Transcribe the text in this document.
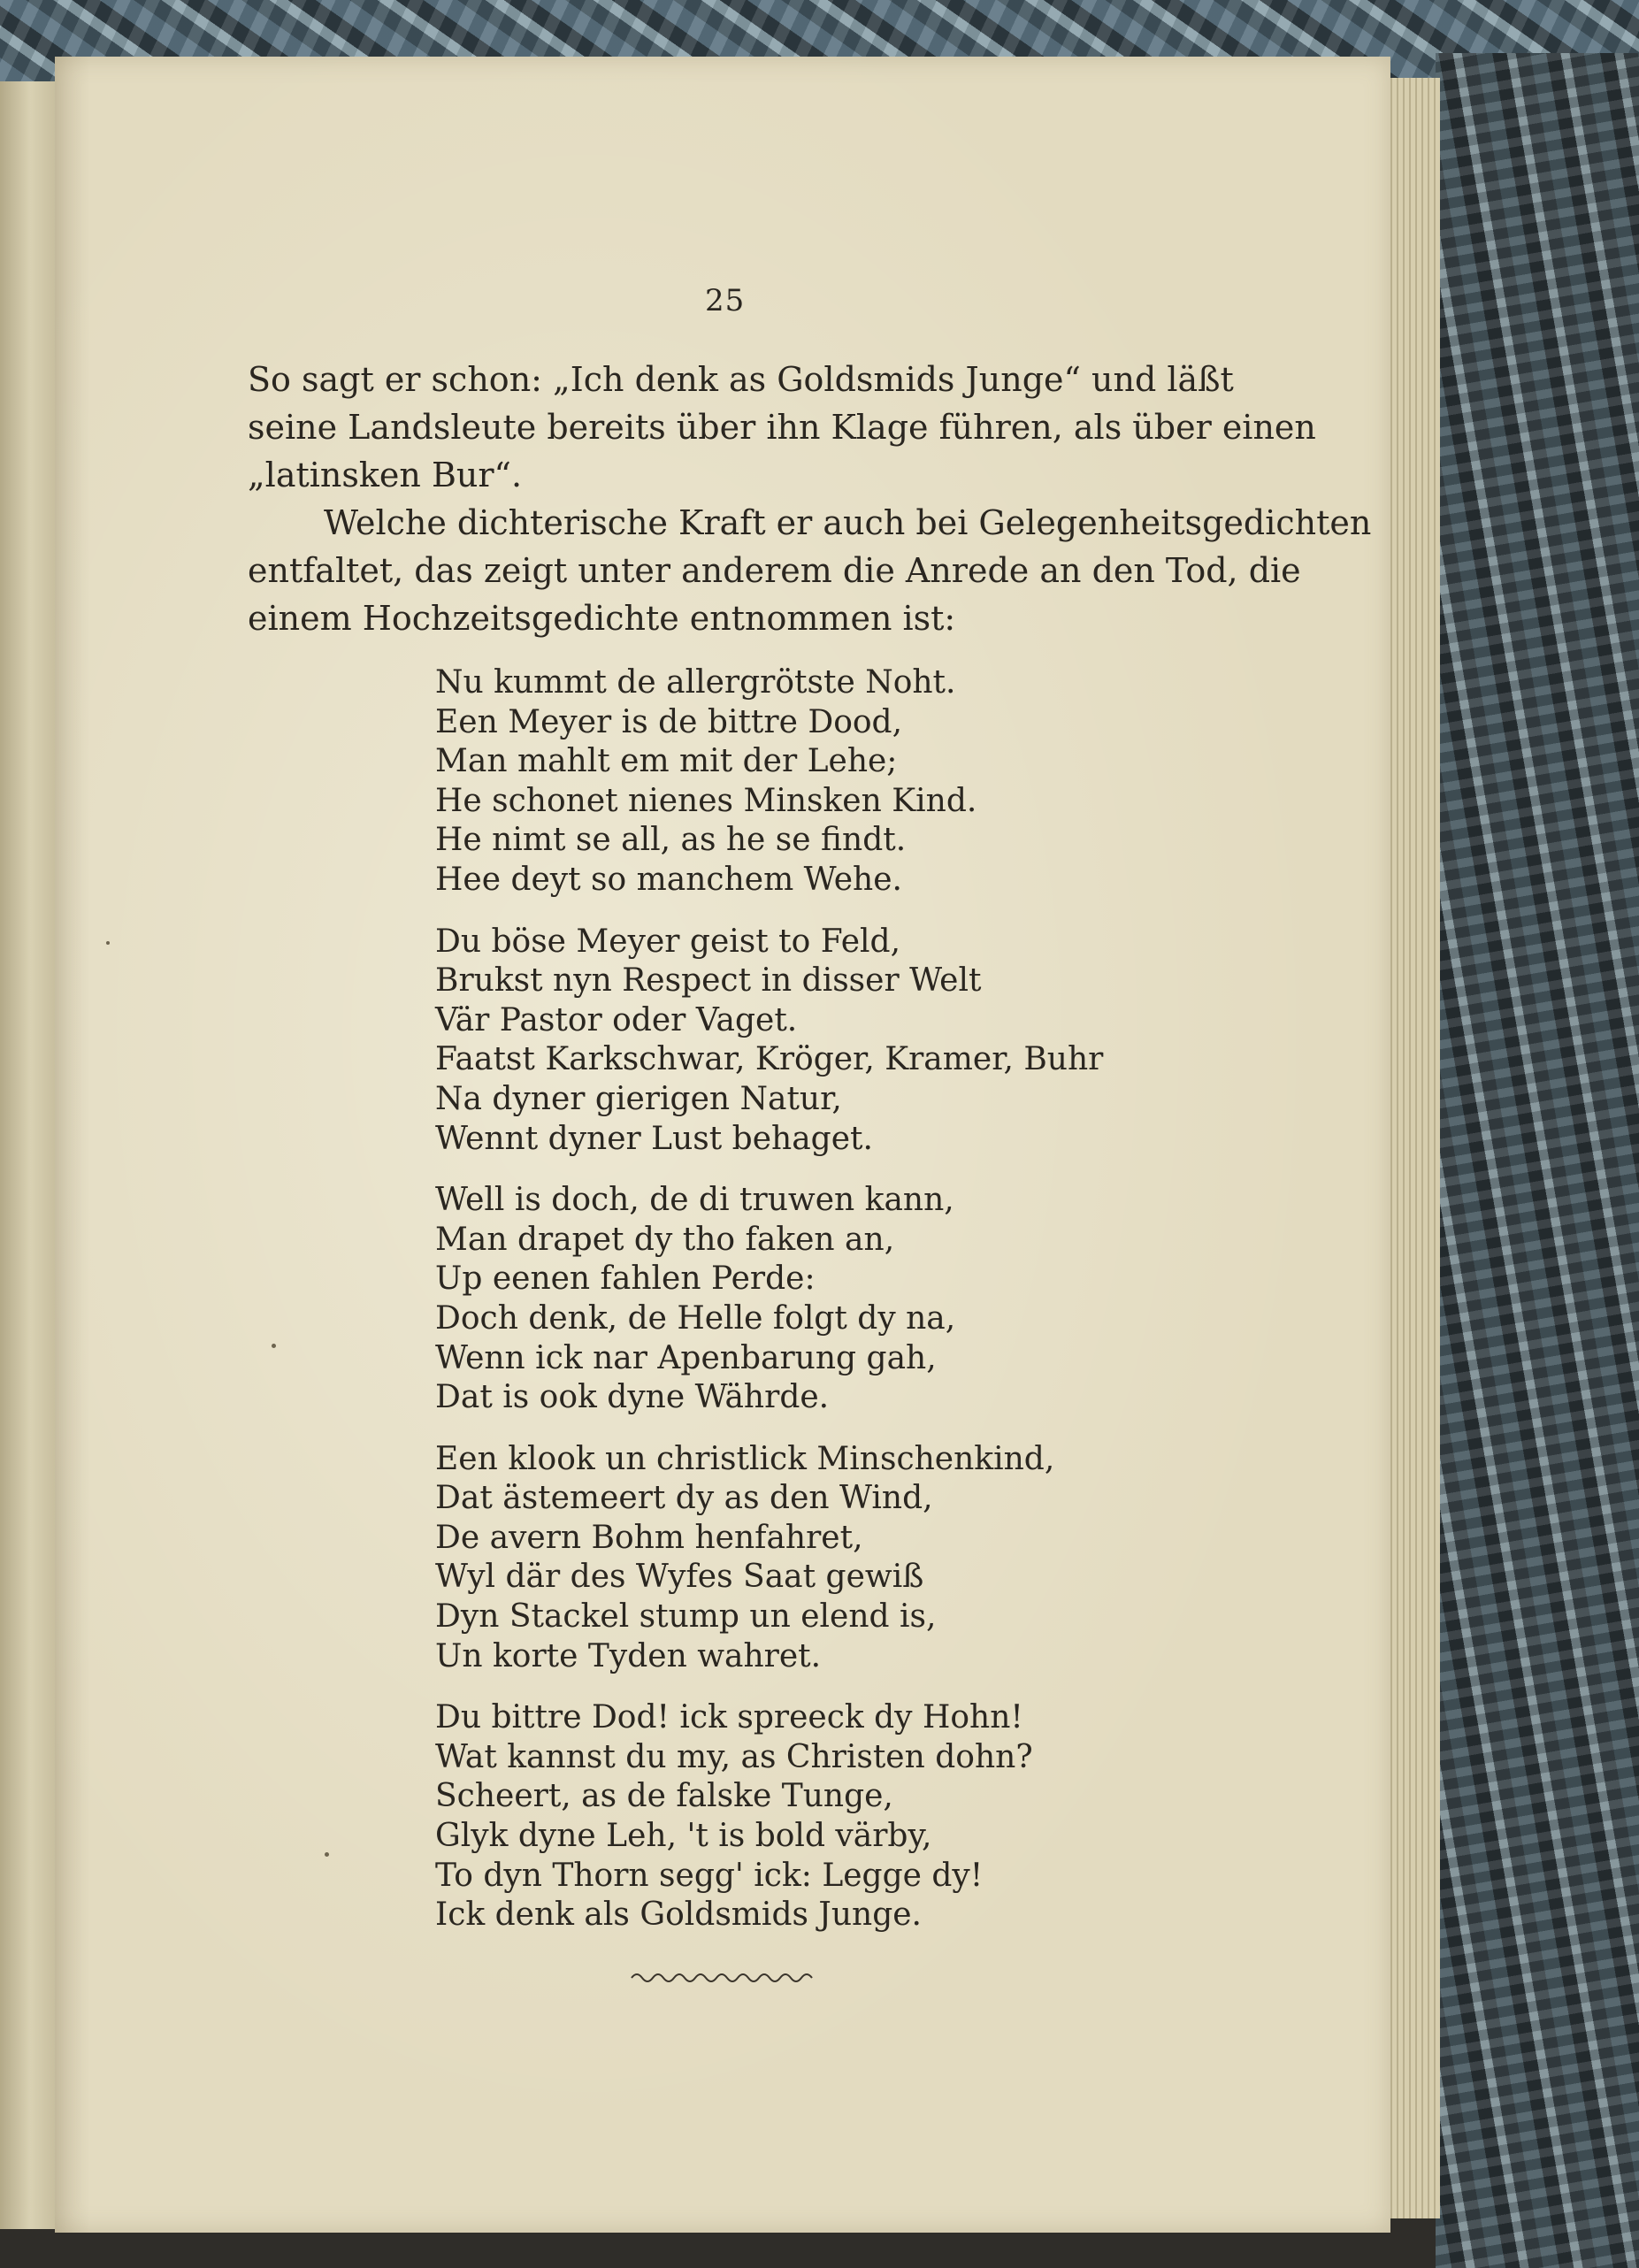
25
So sagt er schon: „Ich denk as Goldsmids Junge“ und läßt
seine Landsleute bereits über ihn Klage führen, als über einen
„latinsken Bur“.
Welche dichterische Kraft er auch bei Gelegenheitsgedichten
entfaltet, das zeigt unter anderem die Anrede an den Tod, die
einem Hochzeitsgedichte entnommen ist:
Nu kummt de allergrötste Noht.
Een Meyer is de bittre Dood,
Man mahlt em mit der Lehe;
He schonet nienes Minsken Kind.
He nimt se all, as he se findt.
Hee deyt so manchem Wehe.
Du böse Meyer geist to Feld,
Brukst nyn Respect in disser Welt
Vär Pastor oder Vaget.
Faatst Karkschwar, Kröger, Kramer, Buhr
Na dyner gierigen Natur,
Wennt dyner Lust behaget.
Well is doch, de di truwen kann,
Man drapet dy tho faken an,
Up eenen fahlen Perde:
Doch denk, de Helle folgt dy na,
Wenn ick nar Apenbarung gah,
Dat is ook dyne Währde.
Een klook un christlick Minschenkind,
Dat ästemeert dy as den Wind,
De avern Bohm henfahret,
Wyl där des Wyfes Saat gewiß
Dyn Stackel stump un elend is,
Un korte Tyden wahret.
Du bittre Dod! ick spreeck dy Hohn!
Wat kannst du my, as Christen dohn?
Scheert, as de falske Tunge,
Glyk dyne Leh, 't is bold värby,
To dyn Thorn segg' ick: Legge dy!
Ick denk als Goldsmids Junge.
